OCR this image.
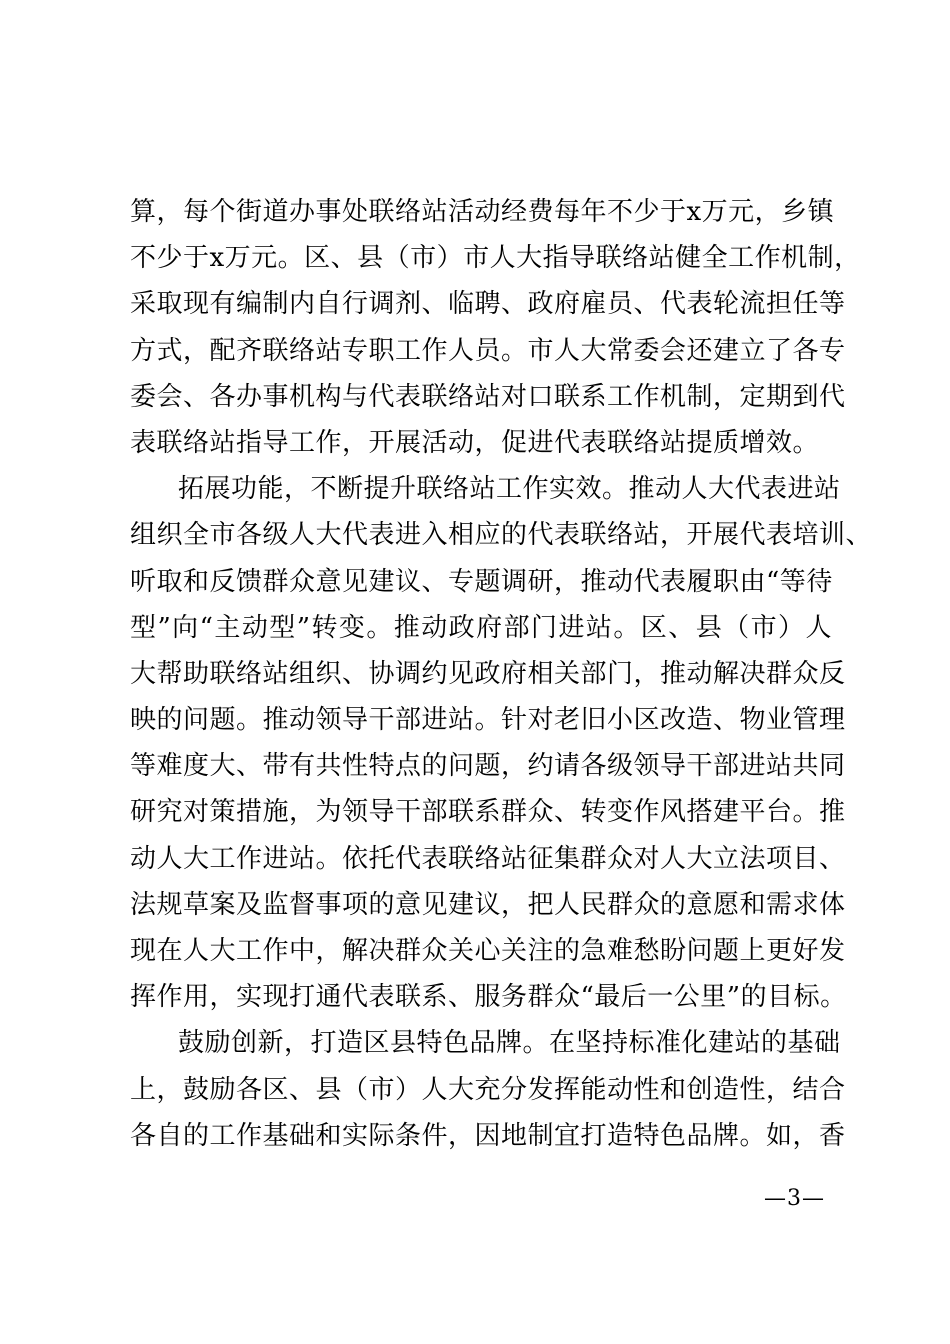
算，每个街道办事处联络站活动经费每年不少于x万元，乡镇
不少于x万元。区、县（市）市人大指导联络站健全工作机制，
采取现有编制内自行调剂、临聘、政府雇员、代表轮流担任等
方式，配齐联络站专职工作人员。市人大常委会还建立了各专
委会、各办事机构与代表联络站对口联系工作机制，定期到代
表联络站指导工作，开展活动，促进代表联络站提质增效。
拓展功能，不断提升联络站工作实效。推动人大代表进站
组织全市各级人大代表进入相应的代表联络站，开展代表培训、
听取和反馈群众意见建议、专题调研，推动代表履职由“等待
型”向“主动型”转变。推动政府部门进站。区、县（市）人
大帮助联络站组织、协调约见政府相关部门，推动解决群众反
映的问题。推动领导干部进站。针对老旧小区改造、物业管理
等难度大、带有共性特点的问题，约请各级领导干部进站共同
研究对策措施，为领导干部联系群众、转变作风搭建平台。推
动人大工作进站。依托代表联络站征集群众对人大立法项目、
法规草案及监督事项的意见建议，把人民群众的意愿和需求体
现在人大工作中，解决群众关心关注的急难愁盼问题上更好发
挥作用，实现打通代表联系、服务群众“最后一公里”的目标。
鼓励创新，打造区县特色品牌。在坚持标准化建站的基础
上，鼓励各区、县（市）人大充分发挥能动性和创造性，结合
各自的工作基础和实际条件，因地制宜打造特色品牌。如，香
—3—
